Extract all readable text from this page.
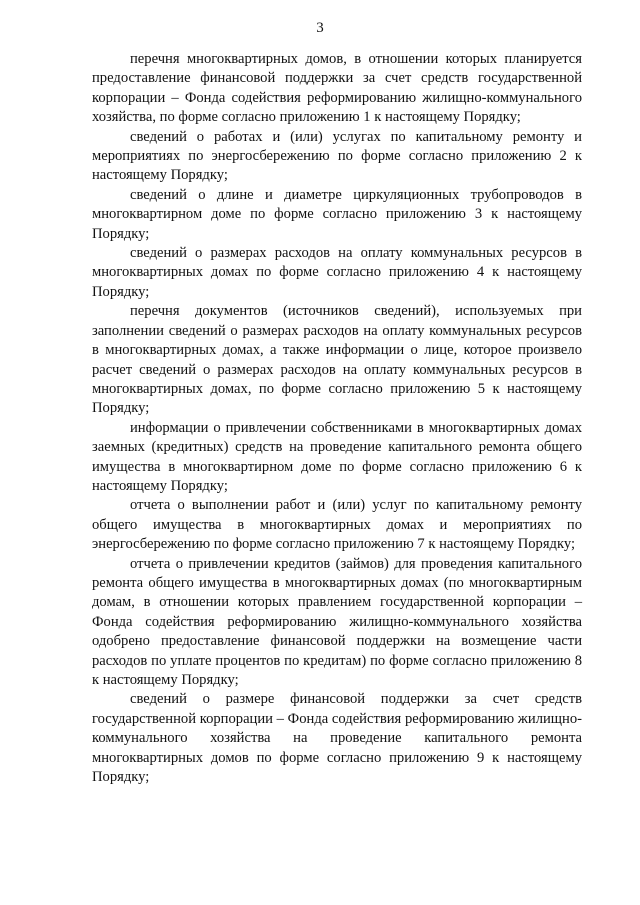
3

перечня многоквартирных домов, в отношении которых планируется предоставление финансовой поддержки за счет средств государственной корпорации – Фонда содействия реформированию жилищно-коммунального хозяйства, по форме согласно приложению 1 к настоящему Порядку;

сведений о работах и (или) услугах по капитальному ремонту и мероприятиях по энергосбережению по форме согласно приложению 2 к настоящему Порядку;

сведений о длине и диаметре циркуляционных трубопроводов в многоквартирном доме по форме согласно приложению 3 к настоящему Порядку;

сведений о размерах расходов на оплату коммунальных ресурсов в многоквартирных домах по форме согласно приложению 4 к настоящему Порядку;

перечня документов (источников сведений), используемых при заполнении сведений о размерах расходов на оплату коммунальных ресурсов в многоквартирных домах, а также информации о лице, которое произвело расчет сведений о размерах расходов на оплату коммунальных ресурсов в многоквартирных домах, по форме согласно приложению 5 к настоящему Порядку;

информации о привлечении собственниками в многоквартирных домах заемных (кредитных) средств на проведение капитального ремонта общего имущества в многоквартирном доме по форме согласно приложению 6 к настоящему Порядку;

отчета о выполнении работ и (или) услуг по капитальному ремонту общего имущества в многоквартирных домах и мероприятиях по энергосбережению по форме согласно приложению 7 к настоящему Порядку;

отчета о привлечении кредитов (займов) для проведения капитального ремонта общего имущества в многоквартирных домах (по многоквартирным домам, в отношении которых правлением государственной корпорации – Фонда содействия реформированию жилищно-коммунального хозяйства одобрено предоставление финансовой поддержки на возмещение части расходов по уплате процентов по кредитам) по форме согласно приложению 8 к настоящему Порядку;

сведений о размере финансовой поддержки за счет средств государственной корпорации – Фонда содействия реформированию жилищно-коммунального хозяйства на проведение капитального ремонта многоквартирных домов по форме согласно приложению 9 к настоящему Порядку;
